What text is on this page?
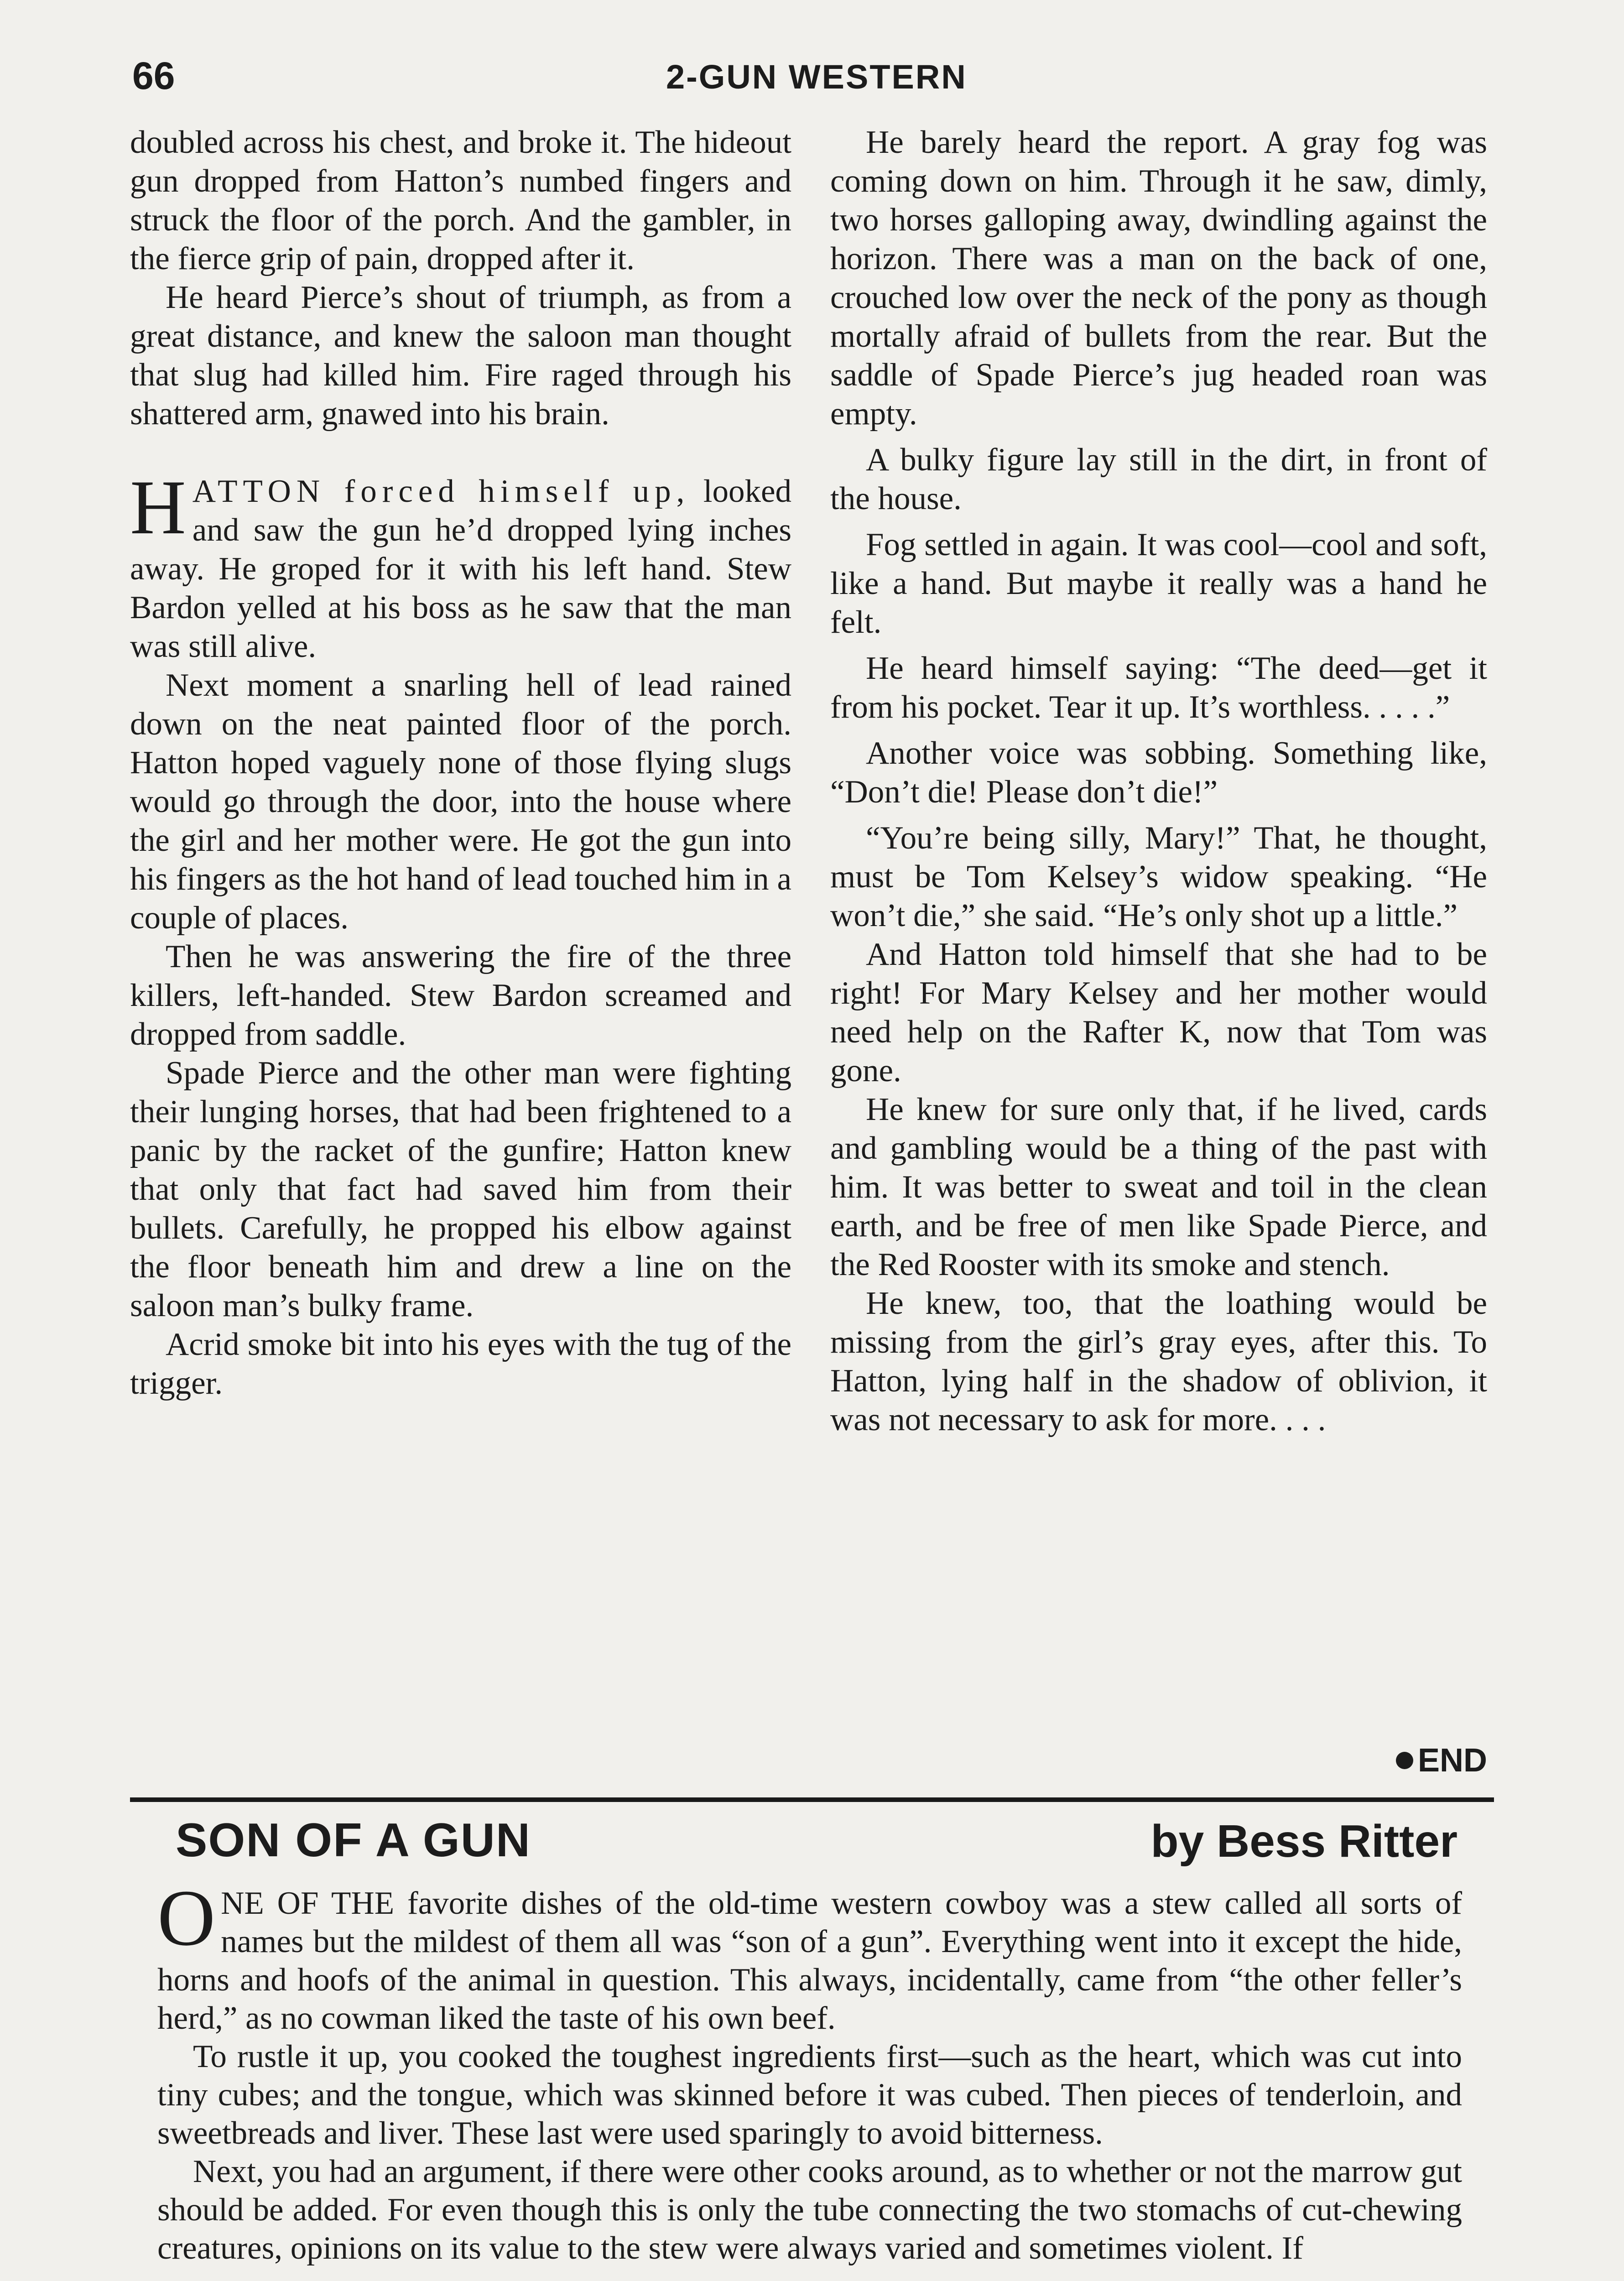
66	2-GUN WESTERN

doubled across his chest, and broke it. The hideout gun dropped from Hatton’s numbed fingers and struck the floor of the porch. And the gambler, in the fierce grip of pain, dropped after it.

He heard Pierce’s shout of triumph, as from a great distance, and knew the saloon man thought that slug had killed him. Fire raged through his shattered arm, gnawed into his brain.

HATTON forced himself up, looked and saw the gun he’d dropped lying inches away. He groped for it with his left hand. Stew Bardon yelled at his boss as he saw that the man was still alive.

Next moment a snarling hell of lead rained down on the neat painted floor of the porch. Hatton hoped vaguely none of those flying slugs would go through the door, into the house where the girl and her mother were. He got the gun into his fingers as the hot hand of lead touched him in a couple of places.

Then he was answering the fire of the three killers, left-handed. Stew Bardon screamed and dropped from saddle.

Spade Pierce and the other man were fighting their lunging horses, that had been frightened to a panic by the racket of the gunfire; Hatton knew that only that fact had saved him from their bullets. Carefully, he propped his elbow against the floor beneath him and drew a line on the saloon man’s bulky frame.

Acrid smoke bit into his eyes with the tug of the trigger.

He barely heard the report. A gray fog was coming down on him. Through it he saw, dimly, two horses galloping away, dwindling against the horizon. There was a man on the back of one, crouched low over the neck of the pony as though mortally afraid of bullets from the rear. But the saddle of Spade Pierce’s jug headed roan was empty.

A bulky figure lay still in the dirt, in front of the house.

Fog settled in again. It was cool—cool and soft, like a hand. But maybe it really was a hand he felt.

He heard himself saying: “The deed—get it from his pocket. Tear it up. It’s worthless. . . . .”

Another voice was sobbing. Something like, “Don’t die! Please don’t die!”

“You’re being silly, Mary!” That, he thought, must be Tom Kelsey’s widow speaking. “He won’t die,” she said. “He’s only shot up a little.”

And Hatton told himself that she had to be right! For Mary Kelsey and her mother would need help on the Rafter K, now that Tom was gone.

He knew for sure only that, if he lived, cards and gambling would be a thing of the past with him. It was better to sweat and toil in the clean earth, and be free of men like Spade Pierce, and the Red Rooster with its smoke and stench.

He knew, too, that the loathing would be missing from the girl’s gray eyes, after this. To Hatton, lying half in the shadow of oblivion, it was not necessary to ask for more. . . .

END
SON OF A GUN	by Bess Ritter

ONE OF THE favorite dishes of the old-time western cowboy was a stew called all sorts of names but the mildest of them all was “son of a gun”. Everything went into it except the hide, horns and hoofs of the animal in question. This always, incidentally, came from “the other feller’s herd,” as no cowman liked the taste of his own beef.

To rustle it up, you cooked the toughest ingredients first—such as the heart, which was cut into tiny cubes; and the tongue, which was skinned before it was cubed. Then pieces of tenderloin, and sweetbreads and liver. These last were used sparingly to avoid bitterness.

Next, you had an argument, if there were other cooks around, as to whether or not the marrow gut should be added. For even though this is only the tube connecting the two stomachs of cut-chewing creatures, opinions on its value to the stew were always varied and sometimes violent. If
